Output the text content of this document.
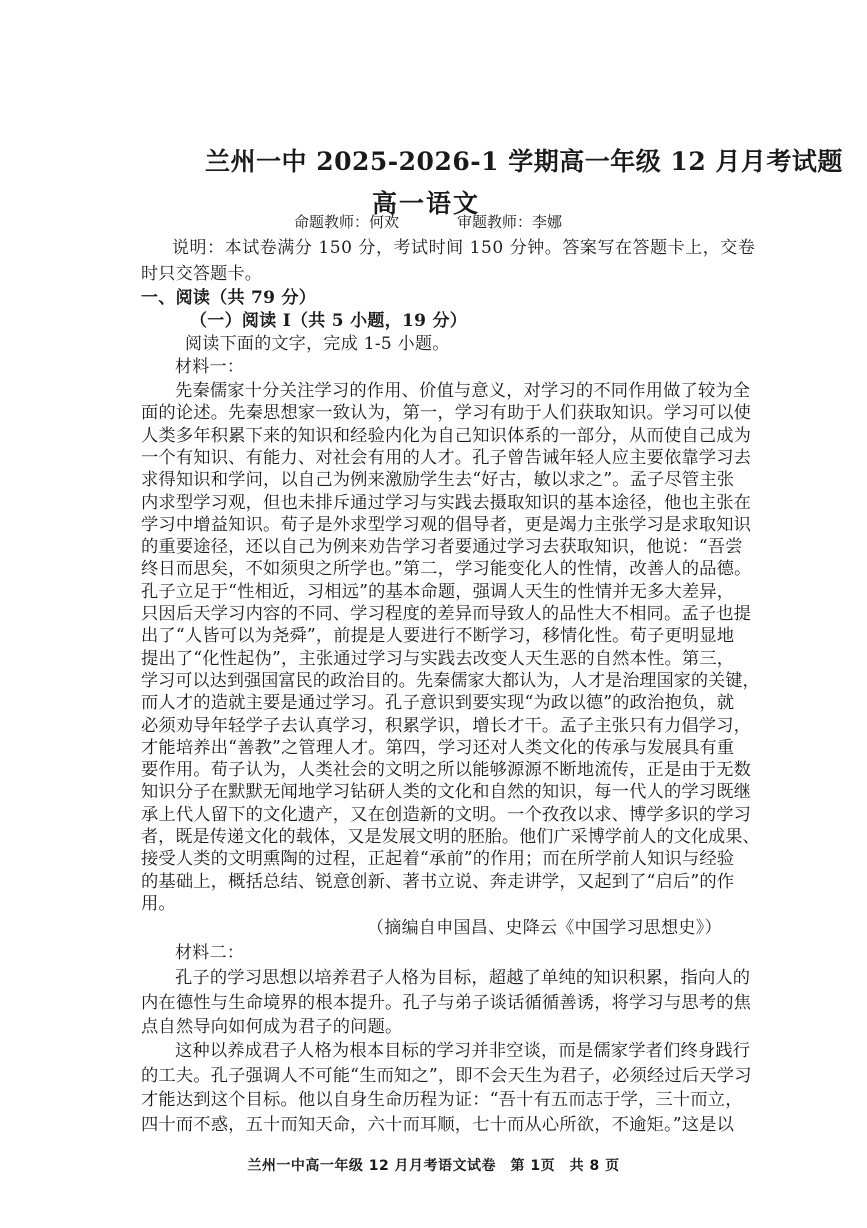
兰州一中 2025-2026-1 学期高一年级 12 月月考试题
高一语文
命题教师：何欢	审题教师：李娜
说明：本试卷满分 150 分，考试时间 150 分钟。答案写在答题卡上，交卷
时只交答题卡。
一、阅读（共 79 分）
（一）阅读 I（共 5 小题，19 分）
阅读下面的文字，完成 1-5 小题。
材料一：
先秦儒家十分关注学习的作用、价值与意义，对学习的不同作用做了较为全
面的论述。先秦思想家一致认为，第一，学习有助于人们获取知识。学习可以使
人类多年积累下来的知识和经验内化为自己知识体系的一部分，从而使自己成为
一个有知识、有能力、对社会有用的人才。孔子曾告诫年轻人应主要依靠学习去
求得知识和学问，以自己为例来激励学生去“好古，敏以求之”。孟子尽管主张
内求型学习观，但也未排斥通过学习与实践去摄取知识的基本途径，他也主张在
学习中增益知识。荀子是外求型学习观的倡导者，更是竭力主张学习是求取知识
的重要途径，还以自己为例来劝告学习者要通过学习去获取知识，他说：“吾尝
终日而思矣，不如须臾之所学也。”第二，学习能变化人的性情，改善人的品德。
孔子立足于“性相近，习相远”的基本命题，强调人天生的性情并无多大差异，
只因后天学习内容的不同、学习程度的差异而导致人的品性大不相同。孟子也提
出了“人皆可以为尧舜”，前提是人要进行不断学习，移情化性。荀子更明显地
提出了“化性起伪”，主张通过学习与实践去改变人天生恶的自然本性。第三，
学习可以达到强国富民的政治目的。先秦儒家大都认为，人才是治理国家的关键，
而人才的造就主要是通过学习。孔子意识到要实现“为政以德”的政治抱负，就
必须劝导年轻学子去认真学习，积累学识，增长才干。孟子主张只有力倡学习，
才能培养出“善教”之管理人才。第四，学习还对人类文化的传承与发展具有重
要作用。荀子认为，人类社会的文明之所以能够源源不断地流传，正是由于无数
知识分子在默默无闻地学习钻研人类的文化和自然的知识，每一代人的学习既继
承上代人留下的文化遗产，又在创造新的文明。一个孜孜以求、博学多识的学习
者，既是传递文化的载体，又是发展文明的胚胎。他们广采博学前人的文化成果、
接受人类的文明熏陶的过程，正起着“承前”的作用；而在所学前人知识与经验
的基础上，概括总结、锐意创新、著书立说、奔走讲学，又起到了“启后”的作
用。
（摘编自申国昌、史降云《中国学习思想史》）
材料二：
孔子的学习思想以培养君子人格为目标，超越了单纯的知识积累，指向人的
内在德性与生命境界的根本提升。孔子与弟子谈话循循善诱，将学习与思考的焦
点自然导向如何成为君子的问题。
这种以养成君子人格为根本目标的学习并非空谈，而是儒家学者们终身践行
的工夫。孔子强调人不可能“生而知之”，即不会天生为君子，必须经过后天学习
才能达到这个目标。他以自身生命历程为证：“吾十有五而志于学，三十而立，
四十而不惑，五十而知天命，六十而耳顺，七十而从心所欲，不逾矩。”这是以
兰州一中高一年级 12 月月考语文试卷　第 1页　共 8 页
